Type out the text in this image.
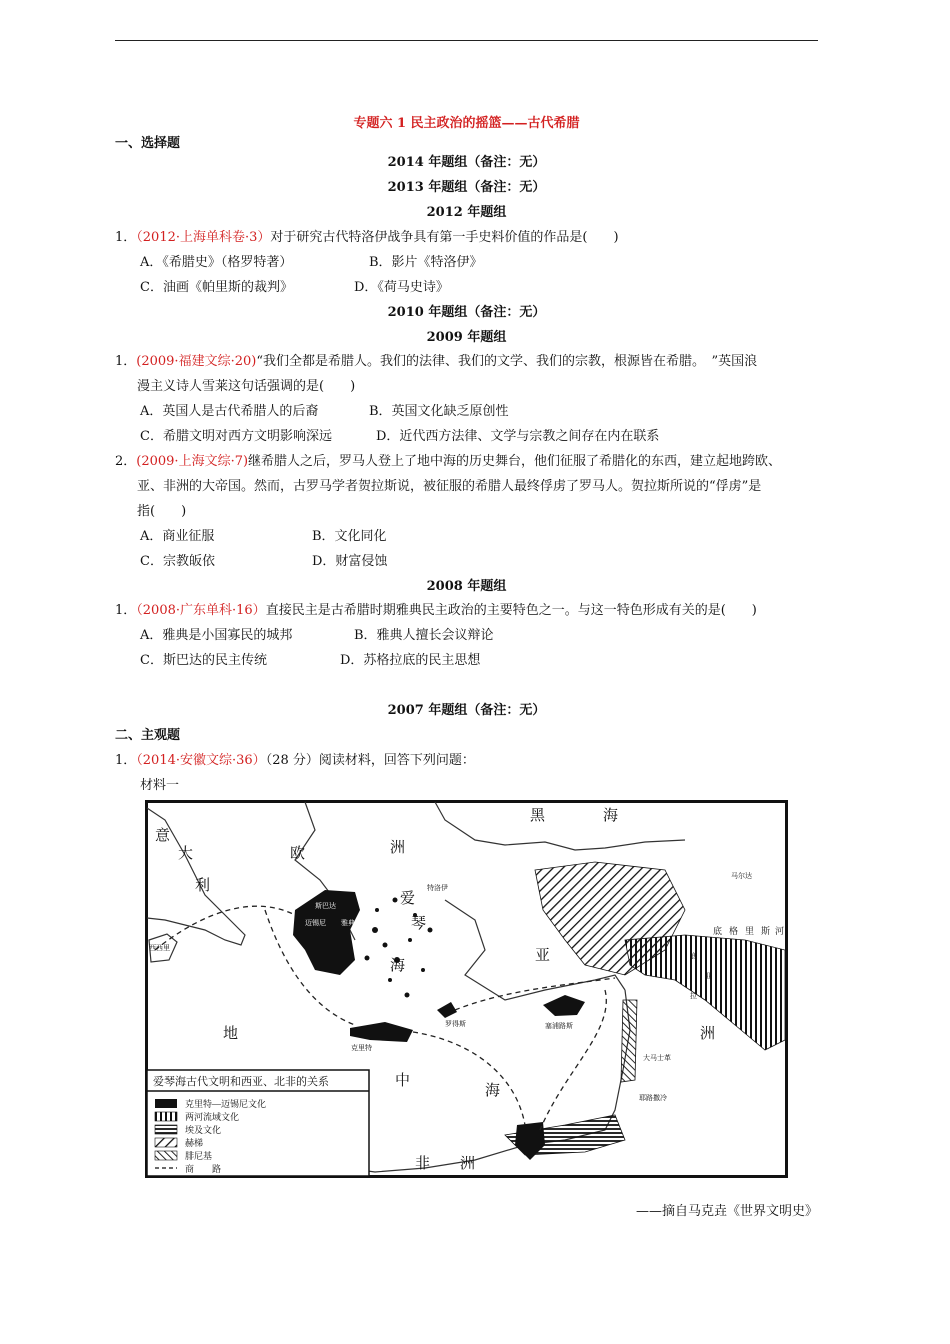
专题六 1 民主政治的摇篮——古代希腊
一、选择题
2014 年题组（备注：无）
2013 年题组（备注：无）
2012 年题组
1．（2012·上海单科卷·3）对于研究古代特洛伊战争具有第一手史料价值的作品是(　　)
A．《希腊史》（格罗特著）	B．影片《特洛伊》
C．油画《帕里斯的裁判》	D．《荷马史诗》
2010 年题组（备注：无）
2009 年题组
1．(2009·福建文综·20)“我们全都是希腊人。我们的法律、我们的文学、我们的宗教，根源皆在希腊。　”英国浪
漫主义诗人雪莱这句话强调的是(　　)
A．英国人是古代希腊人的后裔	B．英国文化缺乏原创性
C．希腊文明对西方文明影响深远	D．近代西方法律、文学与宗教之间存在内在联系
2．(2009·上海文综·7)继希腊人之后，罗马人登上了地中海的历史舞台，他们征服了希腊化的东西，建立起地跨欧、
亚、非洲的大帝国。然而，古罗马学者贺拉斯说，被征服的希腊人最终俘虏了罗马人。贺拉斯所说的“俘虏”是
指(　　)
A．商业征服	B．文化同化
C．宗教皈依	D．财富侵蚀
2008 年题组
1．（2008·广东单科·16）直接民主是古希腊时期雅典民主政治的主要特色之一。与这一特色形成有关的是(　　)
A．雅典是小国寡民的城邦	B．雅典人擅长会议辩论
C．斯巴达的民主传统	D．苏格拉底的民主思想
2007 年题组（备注：无）
二、主观题
1．（2014·安徽文综·36）（28 分）阅读材料，回答下列问题：
材料一
意
大
利
欧	洲
黑	海
亚
爱
琴
海
地
中
海
非 洲
洲
底 格 里 斯 河
西西里
斯巴达
迈锡尼 雅典
特洛伊
克里特
罗得斯	塞浦路斯
大马士革
耶路撒冷
马尔达
拉
底
亚
爱琴海古代文明和西亚、北非的关系
克里特—迈锡尼文化
两河流域文化
埃及文化
赫梯
腓尼基
商　　路
——摘自马克垚《世界文明史》
